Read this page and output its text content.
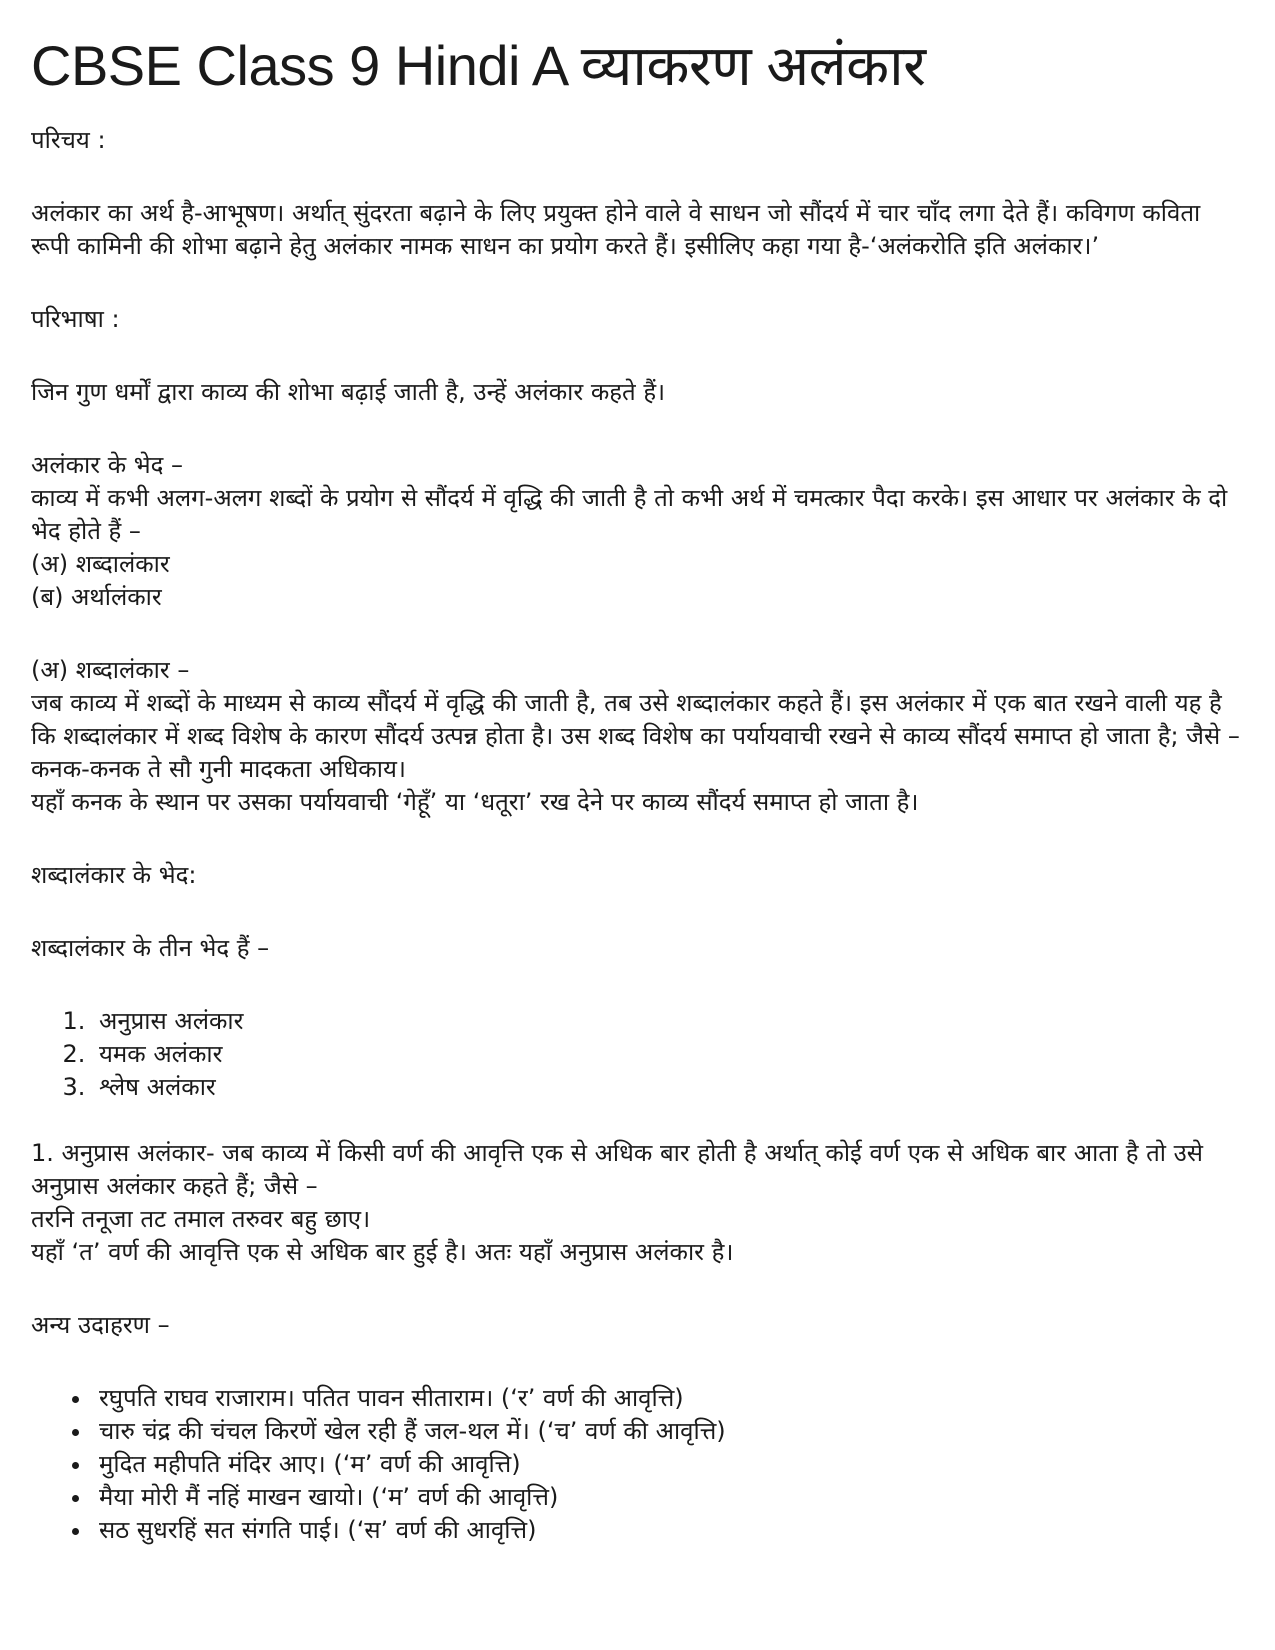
CBSE Class 9 Hindi A व्याकरण अलंकार

परिचय :

अलंकार का अर्थ है-आभूषण। अर्थात् सुंदरता बढ़ाने के लिए प्रयुक्त होने वाले वे साधन जो सौंदर्य में चार चाँद लगा देते हैं। कविगण कविता रूपी कामिनी की शोभा बढ़ाने हेतु अलंकार नामक साधन का प्रयोग करते हैं। इसीलिए कहा गया है-‘अलंकरोति इति अलंकार।’

परिभाषा :

जिन गुण धर्मों द्वारा काव्य की शोभा बढ़ाई जाती है, उन्हें अलंकार कहते हैं।

अलंकार के भेद –

काव्य में कभी अलग-अलग शब्दों के प्रयोग से सौंदर्य में वृद्धि की जाती है तो कभी अर्थ में चमत्कार पैदा करके। इस आधार पर अलंकार के दो भेद होते हैं –

(अ) शब्दालंकार

(ब) अर्थालंकार

(अ) शब्दालंकार –

जब काव्य में शब्दों के माध्यम से काव्य सौंदर्य में वृद्धि की जाती है, तब उसे शब्दालंकार कहते हैं। इस अलंकार में एक बात रखने वाली यह है कि शब्दालंकार में शब्द विशेष के कारण सौंदर्य उत्पन्न होता है। उस शब्द विशेष का पर्यायवाची रखने से काव्य सौंदर्य समाप्त हो जाता है; जैसे –

कनक-कनक ते सौ गुनी मादकता अधिकाय।

यहाँ कनक के स्थान पर उसका पर्यायवाची ‘गेहूँ’ या ‘धतूरा’ रख देने पर काव्य सौंदर्य समाप्त हो जाता है।

शब्दालंकार के भेद:

शब्दालंकार के तीन भेद हैं –

1. अनुप्रास अलंकार
2. यमक अलंकार
3. श्लेष अलंकार

1. अनुप्रास अलंकार- जब काव्य में किसी वर्ण की आवृत्ति एक से अधिक बार होती है अर्थात् कोई वर्ण एक से अधिक बार आता है तो उसे अनुप्रास अलंकार कहते हैं; जैसे –

तरनि तनूजा तट तमाल तरुवर बहु छाए।

यहाँ ‘त’ वर्ण की आवृत्ति एक से अधिक बार हुई है। अतः यहाँ अनुप्रास अलंकार है।

अन्य उदाहरण –

• रघुपति राघव राजाराम। पतित पावन सीताराम। (‘र’ वर्ण की आवृत्ति)
• चारु चंद्र की चंचल किरणें खेल रही हैं जल-थल में। (‘च’ वर्ण की आवृत्ति)
• मुदित महीपति मंदिर आए। (‘म’ वर्ण की आवृत्ति)
• मैया मोरी मैं नहिं माखन खायो। (‘म’ वर्ण की आवृत्ति)
• सठ सुधरहिं सत संगति पाई। (‘स’ वर्ण की आवृत्ति)
